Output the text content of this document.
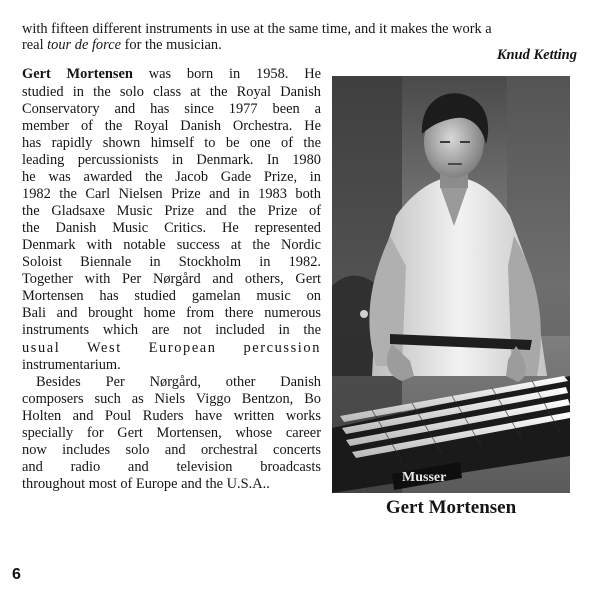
with fifteen different instruments in use at the same time, and it makes the work a
real tour de force for the musician.
Knud Ketting
Gert Mortensen was born in 1958. He
studied in the solo class at the Royal Danish
Conservatory and has since 1977 been a
member of the Royal Danish Orchestra. He
has rapidly shown himself to be one of the
leading percussionists in Denmark. In 1980
he was awarded the Jacob Gade Prize, in
1982 the Carl Nielsen Prize and in 1983 both
the Gladsaxe Music Prize and the Prize of
the Danish Music Critics. He represented
Denmark with notable success at the Nordic
Soloist Biennale in Stockholm in 1982.
Together with Per Nørgård and others, Gert
Mortensen has studied gamelan music on
Bali and brought home from there numerous
instruments which are not included in the
usual West European percussion
instrumentarium.
Besides Per Nørgård, other Danish
composers such as Niels Viggo Bentzon, Bo
Holten and Poul Ruders have written works
specially for Gert Mortensen, whose career
now includes solo and orchestral concerts
and radio and television broadcasts
throughout most of Europe and the U.S.A..	Musser
Gert Mortensen
6
